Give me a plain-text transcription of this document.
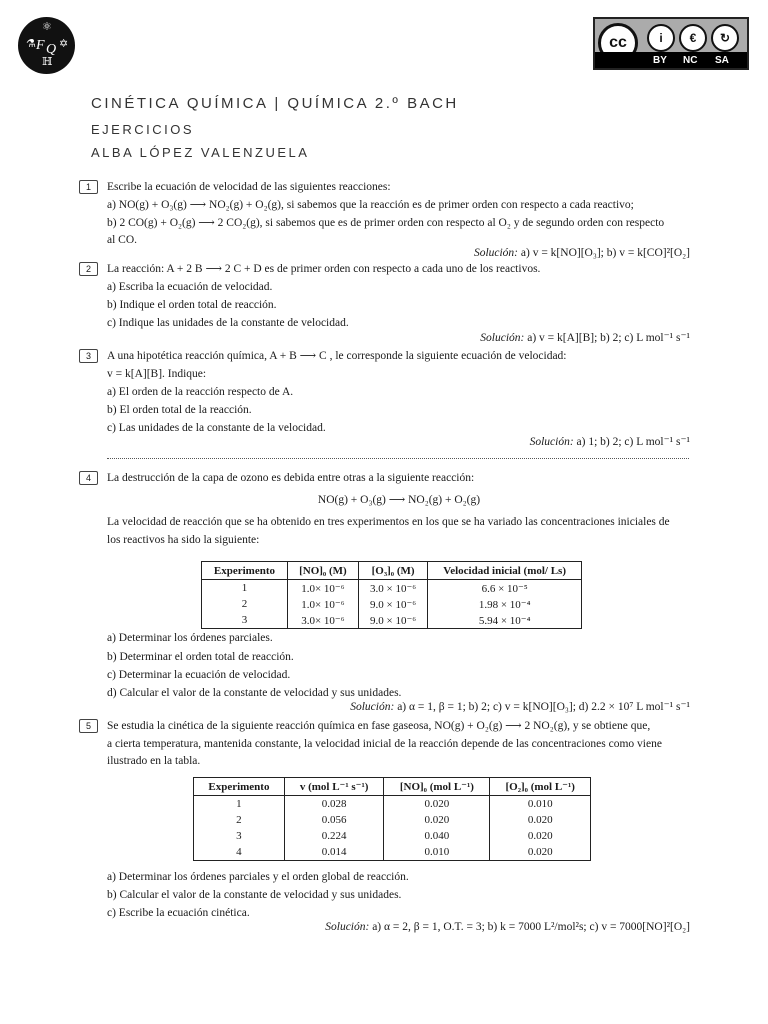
⚛
F Q ✡
ℍ
⚗	cc	i	€	↻
BY NC SA
CINÉTICA QUÍMICA | QUÍMICA 2.º BACH
EJERCICIOS
ALBA LÓPEZ VALENZUELA
1	Escribe la ecuación de velocidad de las siguientes reacciones:
a) NO(g) + O₃(g) ⟶ NO₂(g) + O₂(g), si sabemos que la reacción es de primer orden con respecto a cada reactivo;
b) 2 CO(g) + O₂(g) ⟶ 2 CO₂(g), si sabemos que es de primer orden con respecto al O₂ y de segundo orden con respecto
al CO.
Solución: a) v = k[NO][O₃]; b) v = k[CO]²[O₂]
2	La reacción: A + 2 B ⟶ 2 C + D es de primer orden con respecto a cada uno de los reactivos.
a) Escriba la ecuación de velocidad.
b) Indique el orden total de reacción.
c) Indique las unidades de la constante de velocidad.
Solución: a) v = k[A][B]; b) 2; c) L mol⁻¹ s⁻¹
3	A una hipotética reacción química, A + B ⟶ C , le corresponde la siguiente ecuación de velocidad:
v = k[A][B]. Indique:
a) El orden de la reacción respecto de A.
b) El orden total de la reacción.
c) Las unidades de la constante de la velocidad.
Solución: a) 1; b) 2; c) L mol⁻¹ s⁻¹
4	La destrucción de la capa de ozono es debida entre otras a la siguiente reacción:
NO(g) + O₃(g) ⟶ NO₂(g) + O₂(g)
La velocidad de reacción que se ha obtenido en tres experimentos en los que se ha variado las concentraciones iniciales de
los reactivos ha sido la siguiente:
Experimento	[NO]₀ (M)	[O₃]₀ (M)	Velocidad inicial (mol/ Ls)
1	1.0× 10⁻⁶	3.0 × 10⁻⁶	6.6 × 10⁻⁵
2	1.0× 10⁻⁶	9.0 × 10⁻⁶	1.98 × 10⁻⁴
3	3.0× 10⁻⁶	9.0 × 10⁻⁶	5.94 × 10⁻⁴
a) Determinar los órdenes parciales.
b) Determinar el orden total de reacción.
c) Determinar la ecuación de velocidad.
d) Calcular el valor de la constante de velocidad y sus unidades.
Solución: a) α = 1, β = 1; b) 2; c) v = k[NO][O₃]; d) 2.2 × 10⁷ L mol⁻¹ s⁻¹
5	Se estudia la cinética de la siguiente reacción química en fase gaseosa, NO(g) + O₂(g) ⟶ 2 NO₂(g), y se obtiene que,
a cierta temperatura, mantenida constante, la velocidad inicial de la reacción depende de las concentraciones como viene
ilustrado en la tabla.
Experimento	v (mol L⁻¹ s⁻¹)	[NO]₀ (mol L⁻¹)	[O₂]₀ (mol L⁻¹)
1	0.028	0.020	0.010
2	0.056	0.020	0.020
3	0.224	0.040	0.020
4	0.014	0.010	0.020
a) Determinar los órdenes parciales y el orden global de reacción.
b) Calcular el valor de la constante de velocidad y sus unidades.
c) Escribe la ecuación cinética.
Solución: a) α = 2, β = 1, O.T. = 3; b) k = 7000 L²/mol²s; c) v = 7000[NO]²[O₂]
